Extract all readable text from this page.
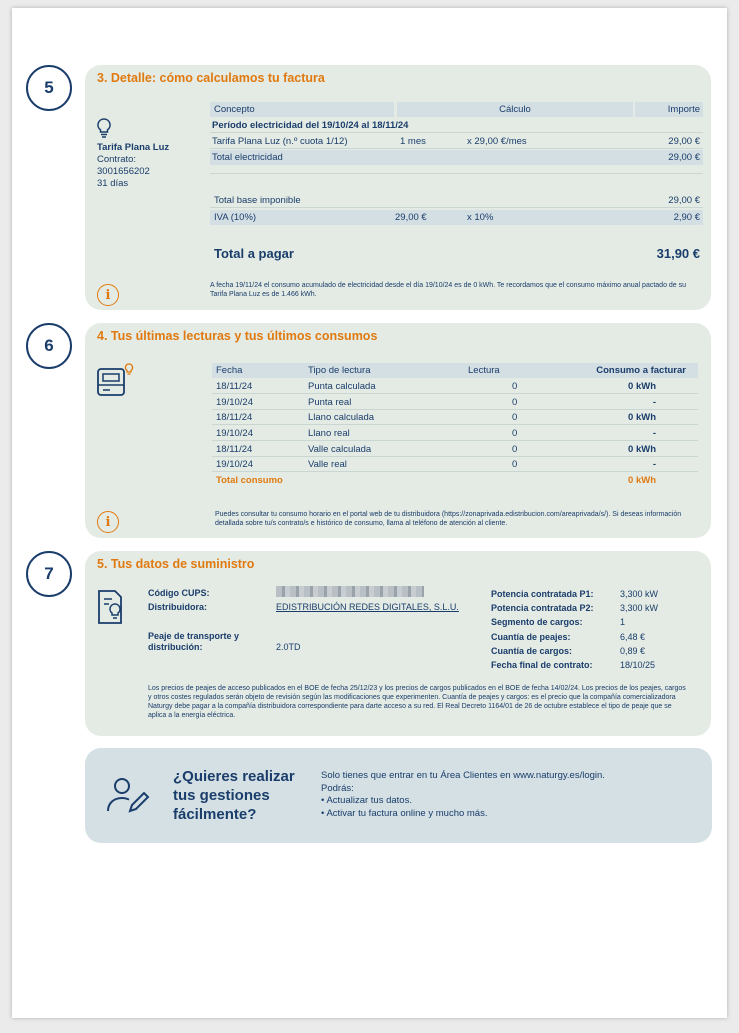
5	3. Detalle: cómo calculamos tu factura
Tarifa Plana Luz
Contrato:
3001656202
31 días
Concepto	Cálculo	Importe
Período electricidad del 19/10/24 al 18/11/24
Tarifa Plana Luz (n.º cuota 1/12)	1 mes	x 29,00 €/mes	29,00 €
Total electricidad	29,00 €
Total base imponible	29,00 €
IVA (10%)	29,00 €	x 10%	2,90 €
Total a pagar	31,90 €
i
A fecha 19/11/24 el consumo acumulado de electricidad desde el día 19/10/24 es de 0 kWh. Te recordamos que el consumo máximo anual pactado de su Tarifa Plana Luz es de 1.466 kWh.
6	4. Tus últimas lecturas y tus últimos consumos
Fecha	Tipo de lectura	Lectura	Consumo a facturar
18/11/24	Punta calculada	0	0 kWh
19/10/24	Punta real	0	-
18/11/24	Llano calculada	0	0 kWh
19/10/24	Llano real	0	-
18/11/24	Valle calculada	0	0 kWh
19/10/24	Valle real	0	-
Total consumo	0 kWh
i	Puedes consultar tu consumo horario en el portal web de tu distribuidora (https://zonaprivada.edistribucion.com/areaprivada/s/). Si deseas información detallada sobre tu/s contrato/s e histórico de consumo, llama al teléfono de atención al cliente.
7	5. Tus datos de suministro
Código CUPS:
Distribuidora:	EDISTRIBUCIÓN REDES DIGITALES, S.L.U.
Peaje de transporte y
distribución:	2.0TD
Potencia contratada P1:	3,300 kW
Potencia contratada P2:	3,300 kW
Segmento de cargos:	1
Cuantía de peajes:	6,48 €
Cuantía de cargos:	0,89 €
Fecha final de contrato:	18/10/25
Los precios de peajes de acceso publicados en el BOE de fecha 25/12/23 y los precios de cargos publicados en el BOE de fecha 14/02/24. Los precios de los peajes, cargos y otros costes regulados serán objeto de revisión según las modificaciones que experimenten. Cuantía de peajes y cargos: es el precio que la compañía comercializadora Naturgy debe pagar a la compañía distribuidora correspondiente para darte acceso a su red. El Real Decreto 1164/01 de 26 de octubre establece el tipo de peaje que se aplica a la energía eléctrica.
¿Quieres realizar
tus gestiones
fácilmente?
Solo tienes que entrar en tu Área Clientes en www.naturgy.es/login.
Podrás:
• Actualizar tus datos.
• Activar tu factura online y mucho más.
